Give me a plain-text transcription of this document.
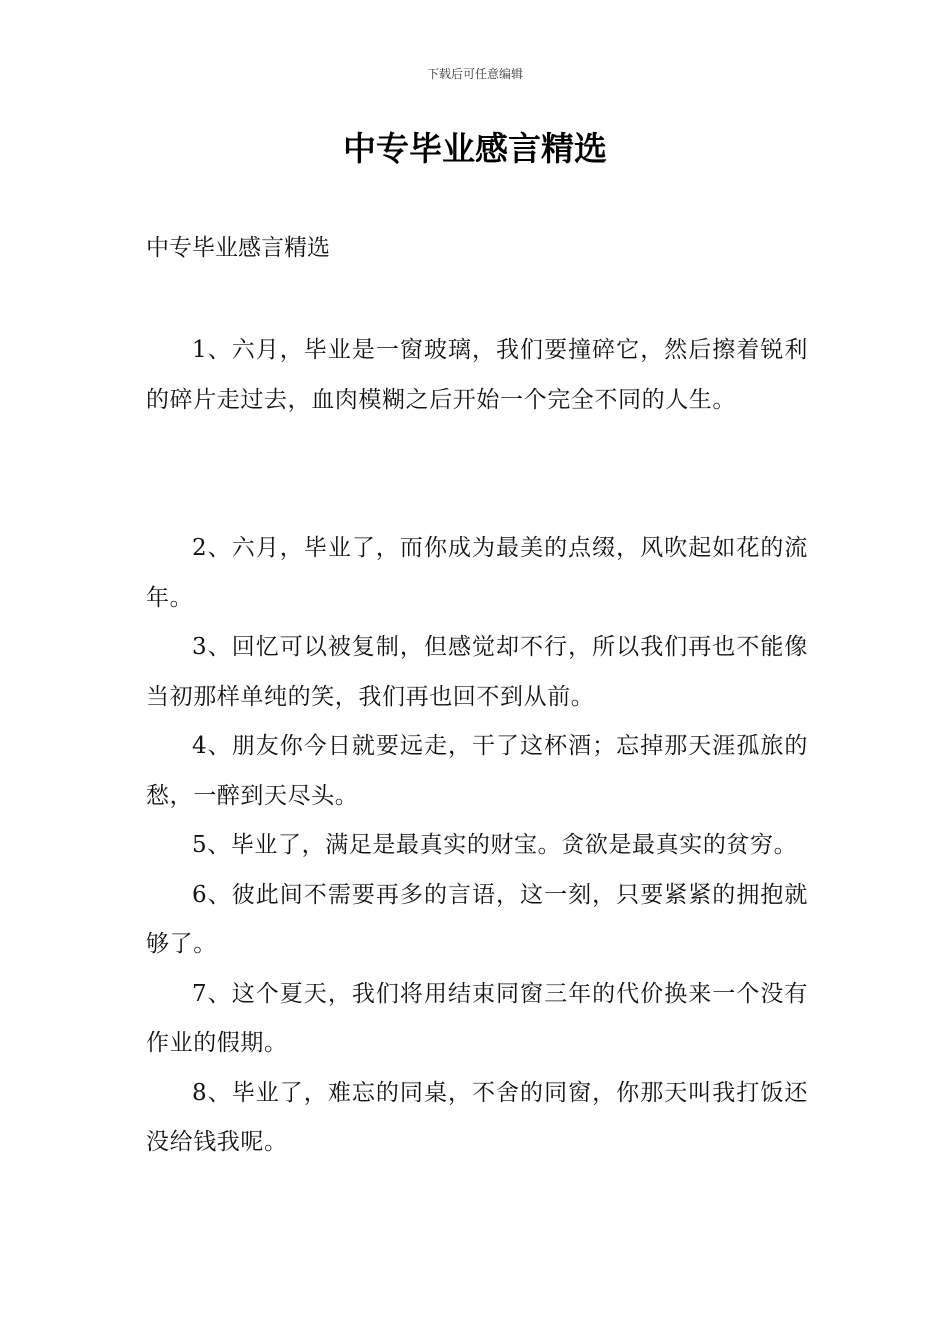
下载后可任意编辑
中专毕业感言精选

中专毕业感言精选

1、六月，毕业是一窗玻璃，我们要撞碎它，然后擦着锐利的碎片走过去，血肉模糊之后开始一个完全不同的人生。

2、六月，毕业了，而你成为最美的点缀，风吹起如花的流年。

3、回忆可以被复制，但感觉却不行，所以我们再也不能像当初那样单纯的笑，我们再也回不到从前。

4、朋友你今日就要远走，干了这杯酒；忘掉那天涯孤旅的愁，一醉到天尽头。

5、毕业了，满足是最真实的财宝。贪欲是最真实的贫穷。

6、彼此间不需要再多的言语，这一刻，只要紧紧的拥抱就够了。

7、这个夏天，我们将用结束同窗三年的代价换来一个没有作业的假期。

8、毕业了，难忘的同桌，不舍的同窗，你那天叫我打饭还没给钱我呢。
